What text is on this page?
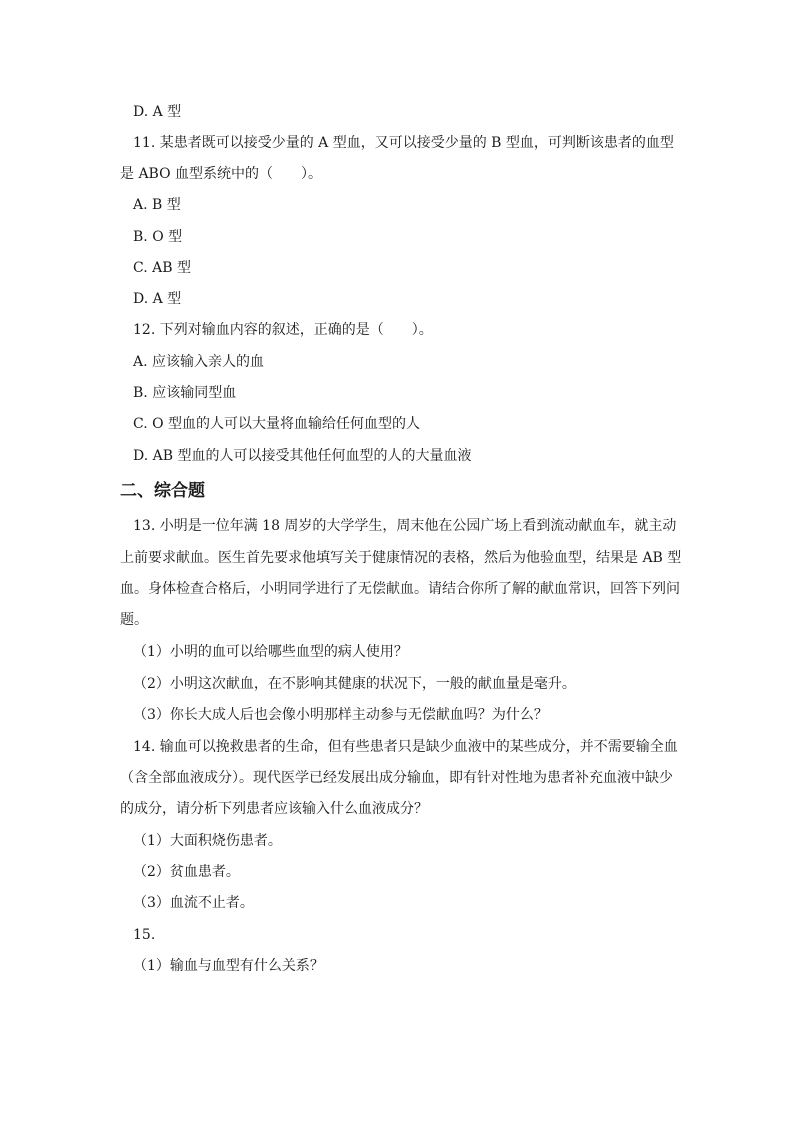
D. A 型
11. 某患者既可以接受少量的 A 型血，又可以接受少量的 B 型血，可判断该患者的血型
是 ABO 血型系统中的（　　）。
A. B 型
B. O 型
C. AB 型
D. A 型
12. 下列对输血内容的叙述，正确的是（　　）。
A. 应该输入亲人的血
B. 应该输同型血
C. O 型血的人可以大量将血输给任何血型的人
D. AB 型血的人可以接受其他任何血型的人的大量血液
二、综合题
13. 小明是一位年满 18 周岁的大学学生，周末他在公园广场上看到流动献血车，就主动
上前要求献血。医生首先要求他填写关于健康情况的表格，然后为他验血型，结果是 AB 型
血。身体检查合格后，小明同学进行了无偿献血。请结合你所了解的献血常识，回答下列问
题。
（1）小明的血可以给哪些血型的病人使用？
（2）小明这次献血，在不影响其健康的状况下，一般的献血量是毫升。
（3）你长大成人后也会像小明那样主动参与无偿献血吗？为什么？
14. 输血可以挽救患者的生命，但有些患者只是缺少血液中的某些成分，并不需要输全血
（含全部血液成分）。现代医学已经发展出成分输血，即有针对性地为患者补充血液中缺少
的成分，请分析下列患者应该输入什么血液成分？
（1）大面积烧伤患者。
（2）贫血患者。
（3）血流不止者。
15.
（1）输血与血型有什么关系？
